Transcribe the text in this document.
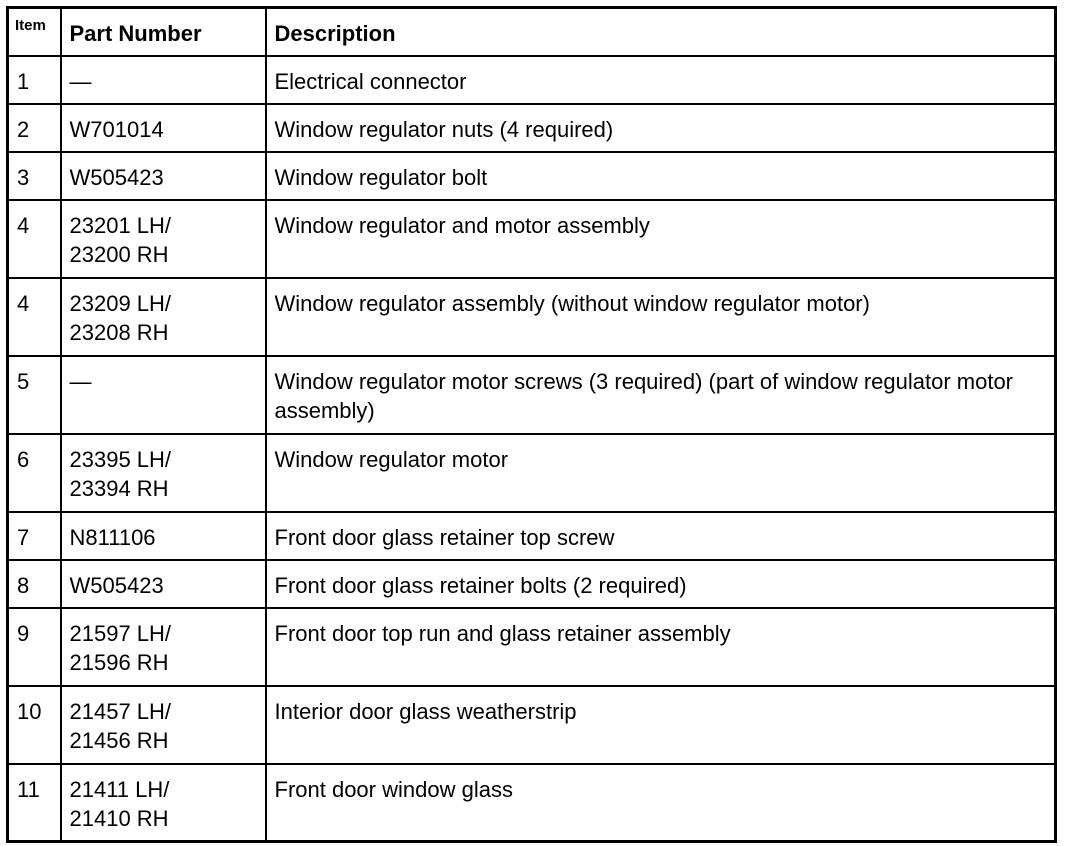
Item	Part Number	Description
1	—	Electrical connector
2	W701014	Window regulator nuts (4 required)
3	W505423	Window regulator bolt
4	23201 LH/
23200 RH	Window regulator and motor assembly
4	23209 LH/
23208 RH	Window regulator assembly (without window regulator motor)
5	—	Window regulator motor screws (3 required) (part of window regulator motor assembly)
6	23395 LH/
23394 RH	Window regulator motor
7	N811106	Front door glass retainer top screw
8	W505423	Front door glass retainer bolts (2 required)
9	21597 LH/
21596 RH	Front door top run and glass retainer assembly
10	21457 LH/
21456 RH	Interior door glass weatherstrip
11	21411 LH/
21410 RH	Front door window glass
